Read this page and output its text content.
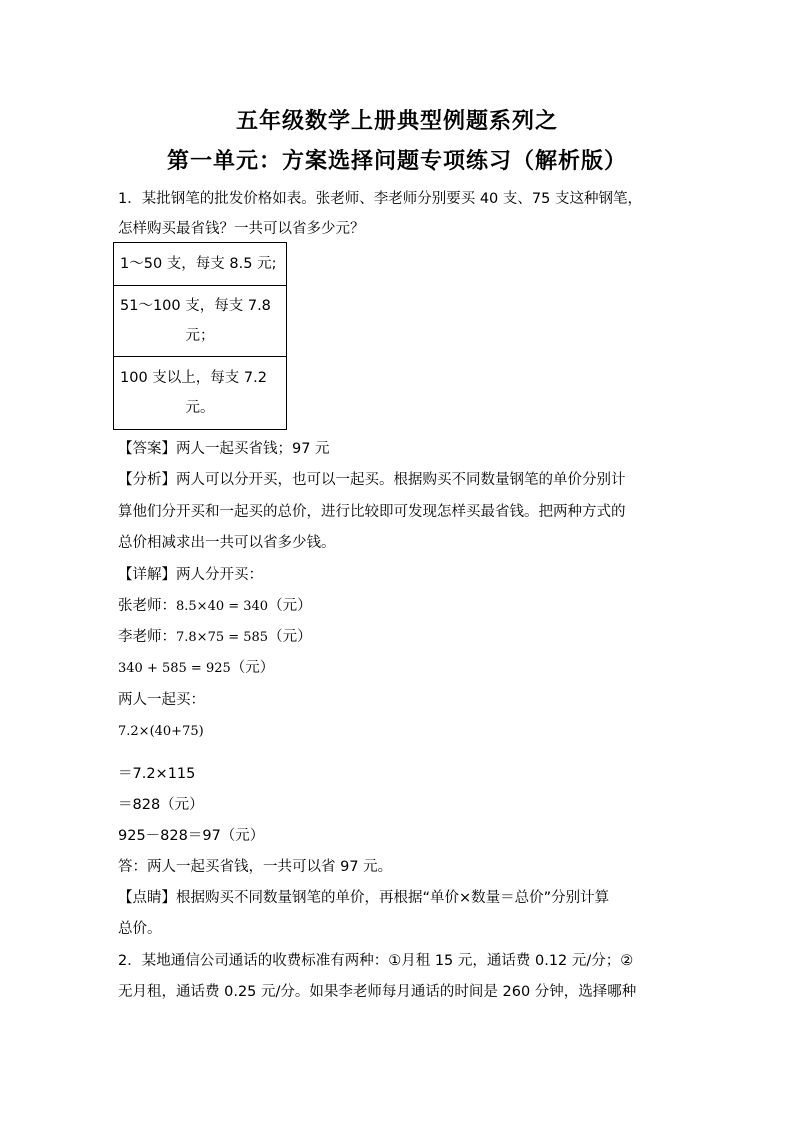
五年级数学上册典型例题系列之
第一单元：方案选择问题专项练习（解析版）
1．某批钢笔的批发价格如表。张老师、李老师分别要买 40 支、75 支这种钢笔，
怎样购买最省钱？一共可以省多少元？
1～50 支，每支 8.5 元;
51～100 支，每支 7.8
元；

100 支以上，每支 7.2
元。
【答案】两人一起买省钱；97 元
【分析】两人可以分开买，也可以一起买。根据购买不同数量钢笔的单价分别计
算他们分开买和一起买的总价，进行比较即可发现怎样买最省钱。把两种方式的
总价相减求出一共可以省多少钱。
【详解】两人分开买：
张老师：8.5×40 = 340（元）
李老师：7.8×75 = 585（元）
340 + 585 = 925（元）
两人一起买：
7.2×(40+75)
＝7.2×115
＝828（元）
925－828＝97（元）
答：两人一起买省钱，一共可以省 97 元。
【点睛】根据购买不同数量钢笔的单价，再根据“单价×数量＝总价”分别计算
总价。
2．某地通信公司通话的收费标准有两种：①月租 15 元，通话费 0.12 元/分；②
无月租，通话费 0.25 元/分。如果李老师每月通话的时间是 260 分钟，选择哪种
